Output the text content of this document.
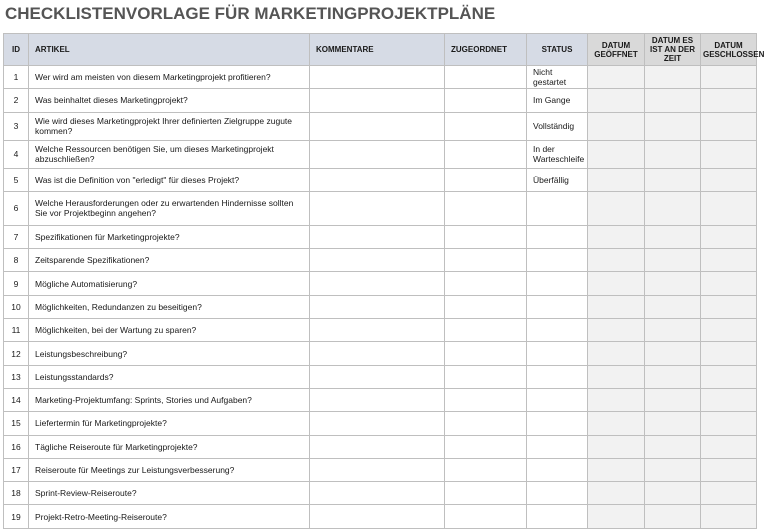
CHECKLISTENVORLAGE FÜR MARKETINGPROJEKTPLÄNE
ID	ARTIKEL	KOMMENTARE	ZUGEORDNET	STATUS	DATUM GEÖFFNET	DATUM ES IST AN DER ZEIT	DATUM GESCHLOSSEN
1	Wer wird am meisten von diesem Marketingprojekt profitieren?			Nicht gestartet			
2	Was beinhaltet dieses Marketingprojekt?			Im Gange			
3	Wie wird dieses Marketingprojekt Ihrer definierten Zielgruppe zugute kommen?			Vollständig			
4	Welche Ressourcen benötigen Sie, um dieses Marketingprojekt abzuschließen?			In der Warteschleife			
5	Was ist die Definition von "erledigt" für dieses Projekt?			Überfällig			
6	Welche Herausforderungen oder zu erwartenden Hindernisse sollten Sie vor Projektbeginn angehen?						
7	Spezifikationen für Marketingprojekte?						
8	Zeitsparende Spezifikationen?						
9	Mögliche Automatisierung?						
10	Möglichkeiten, Redundanzen zu beseitigen?						
11	Möglichkeiten, bei der Wartung zu sparen?						
12	Leistungsbeschreibung?						
13	Leistungsstandards?						
14	Marketing-Projektumfang: Sprints, Stories und Aufgaben?						
15	Liefertermin für Marketingprojekte?						
16	Tägliche Reiseroute für Marketingprojekte?						
17	Reiseroute für Meetings zur Leistungsverbesserung?						
18	Sprint-Review-Reiseroute?						
19	Projekt-Retro-Meeting-Reiseroute?						
